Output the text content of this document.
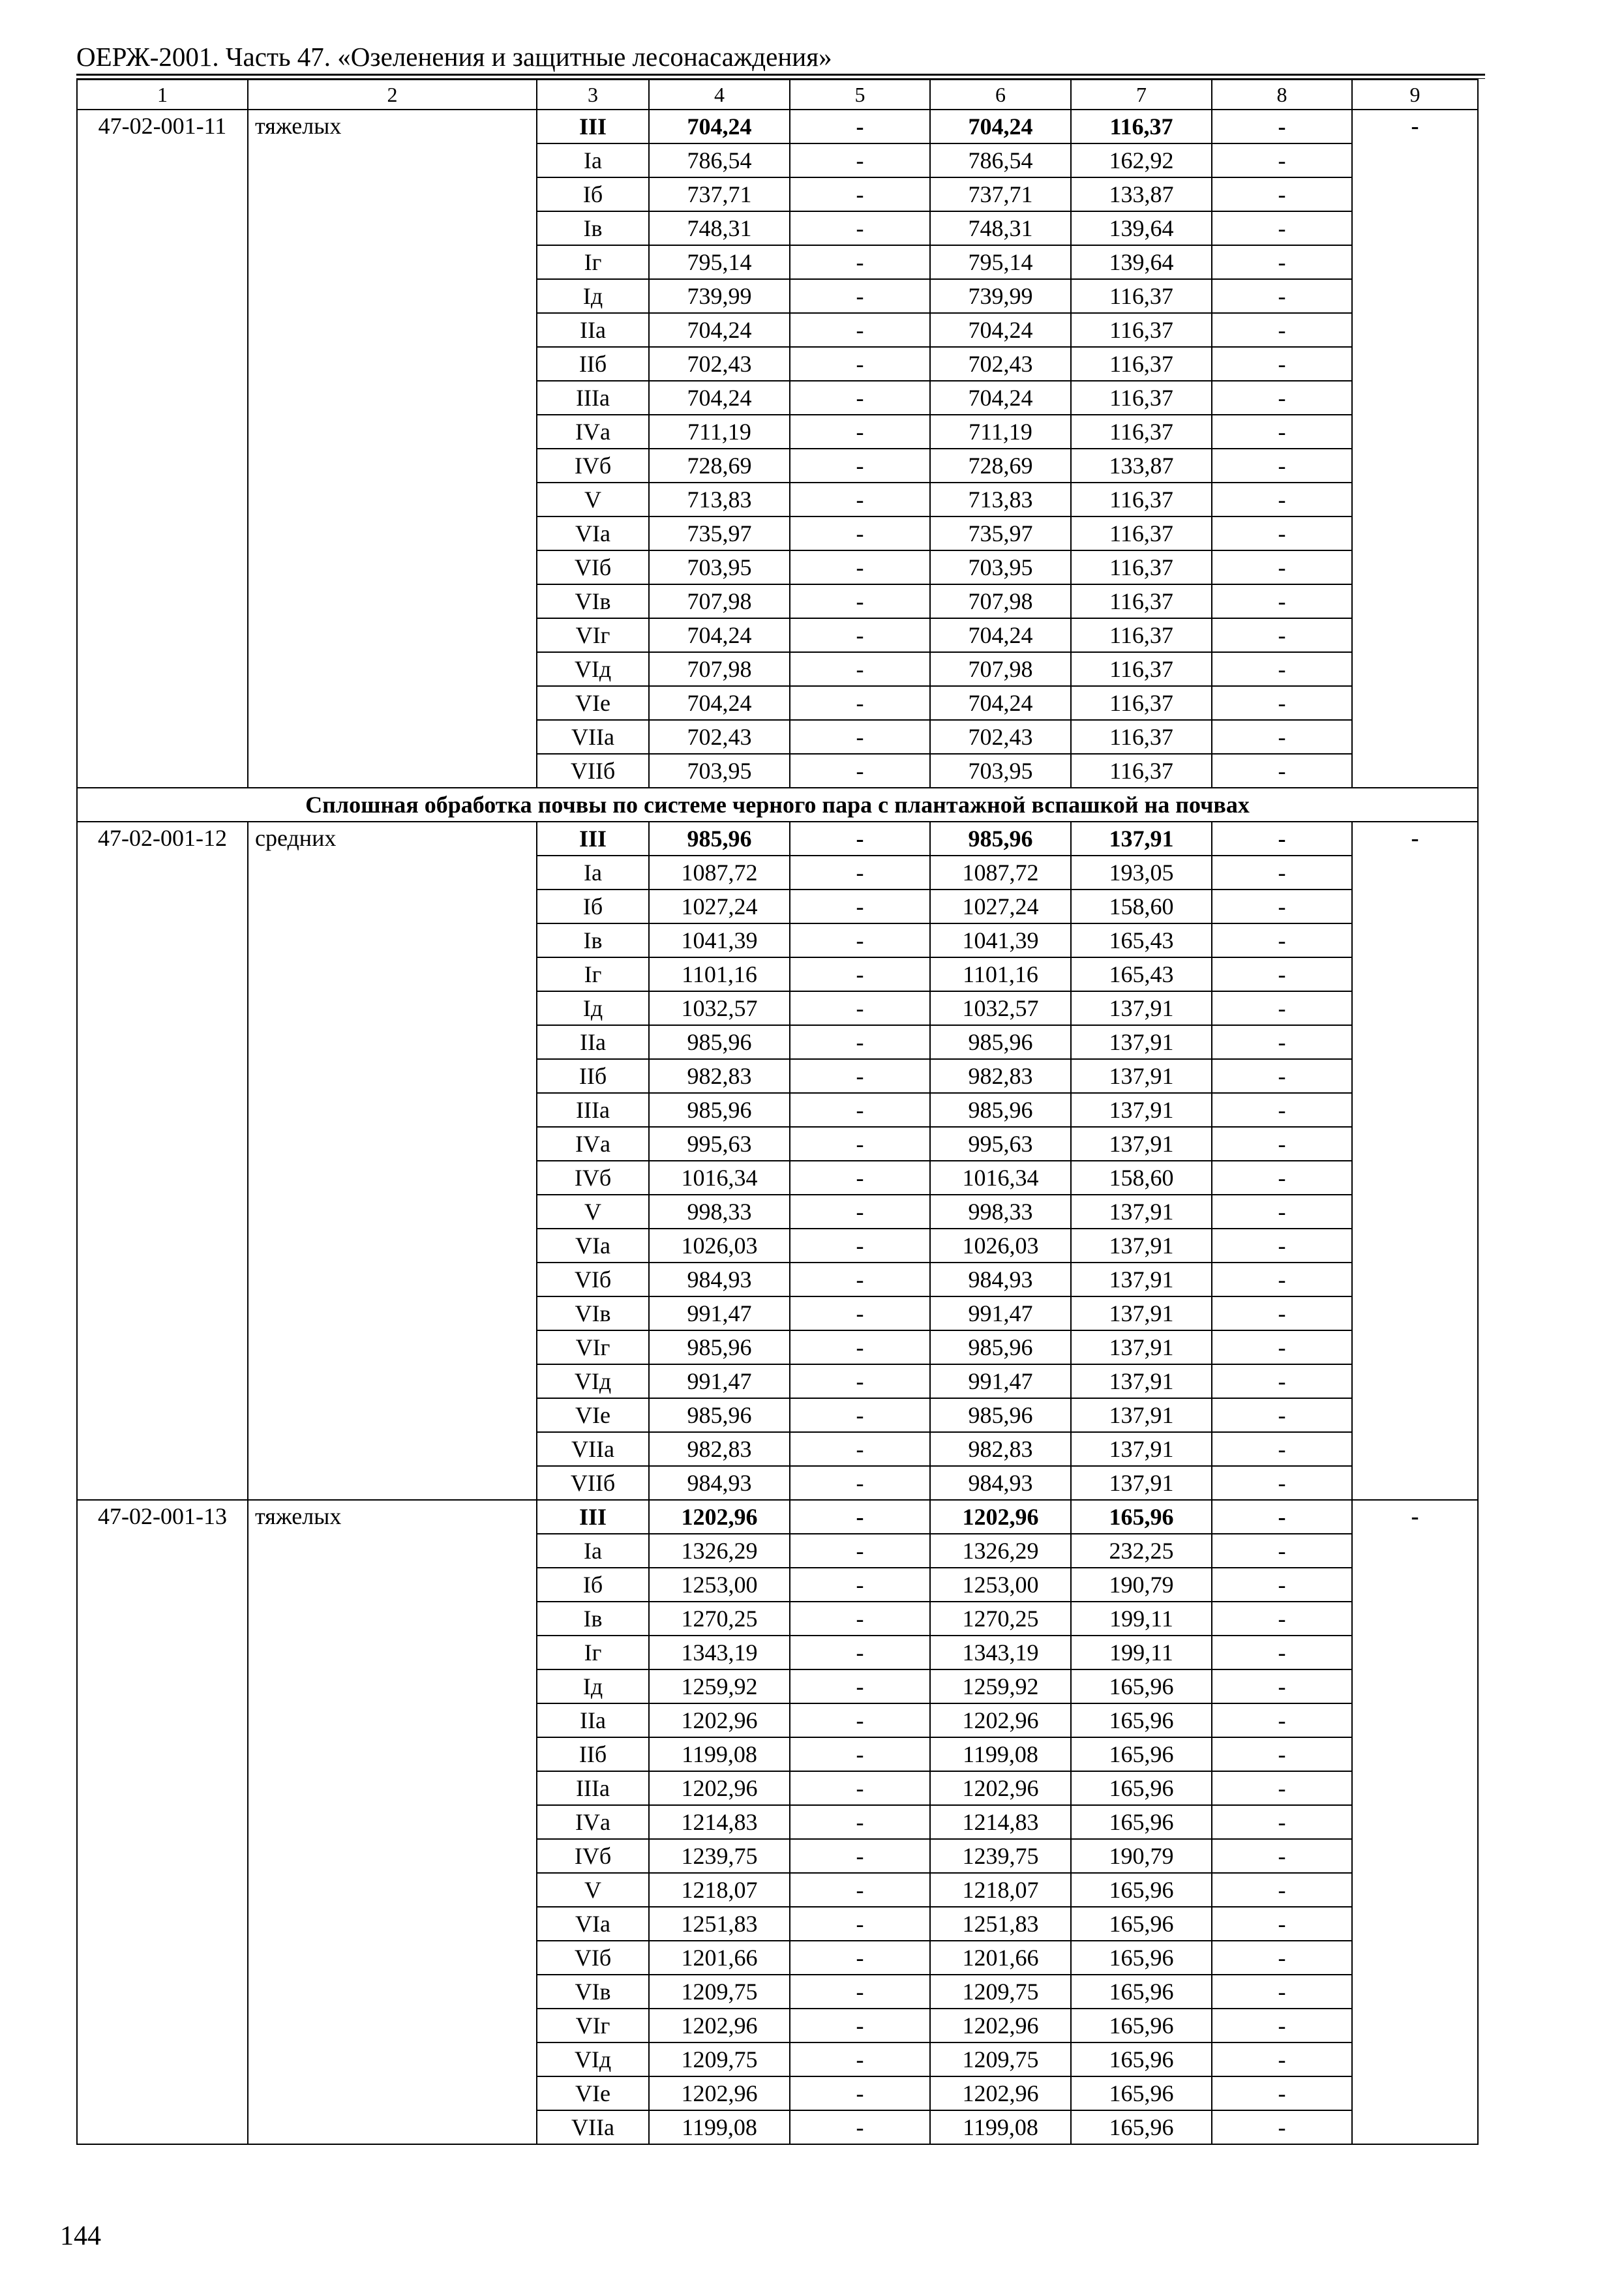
ОЕРЖ-2001. Часть 47. «Озеленения и защитные лесонасаждения»
1	2	3	4	5	6	7	8	9
47-02-001-11	тяжелых	III	704,24	-	704,24	116,37	-	-
		Iа	786,54	-	786,54	162,92	-	
		Iб	737,71	-	737,71	133,87	-	
		Iв	748,31	-	748,31	139,64	-	
		Iг	795,14	-	795,14	139,64	-	
		Iд	739,99	-	739,99	116,37	-	
		IIа	704,24	-	704,24	116,37	-	
		IIб	702,43	-	702,43	116,37	-	
		IIIа	704,24	-	704,24	116,37	-	
		IVа	711,19	-	711,19	116,37	-	
		IVб	728,69	-	728,69	133,87	-	
		V	713,83	-	713,83	116,37	-	
		VIа	735,97	-	735,97	116,37	-	
		VIб	703,95	-	703,95	116,37	-	
		VIв	707,98	-	707,98	116,37	-	
		VIг	704,24	-	704,24	116,37	-	
		VIд	707,98	-	707,98	116,37	-	
		VIе	704,24	-	704,24	116,37	-	
		VIIа	702,43	-	702,43	116,37	-	
		VIIб	703,95	-	703,95	116,37	-	
Сплошная обработка почвы по системе черного пара с плантажной вспашкой на почвах								
47-02-001-12	средних	III	985,96	-	985,96	137,91	-	-
		Iа	1087,72	-	1087,72	193,05	-	
		Iб	1027,24	-	1027,24	158,60	-	
		Iв	1041,39	-	1041,39	165,43	-	
		Iг	1101,16	-	1101,16	165,43	-	
		Iд	1032,57	-	1032,57	137,91	-	
		IIа	985,96	-	985,96	137,91	-	
		IIб	982,83	-	982,83	137,91	-	
		IIIа	985,96	-	985,96	137,91	-	
		IVа	995,63	-	995,63	137,91	-	
		IVб	1016,34	-	1016,34	158,60	-	
		V	998,33	-	998,33	137,91	-	
		VIа	1026,03	-	1026,03	137,91	-	
		VIб	984,93	-	984,93	137,91	-	
		VIв	991,47	-	991,47	137,91	-	
		VIг	985,96	-	985,96	137,91	-	
		VIд	991,47	-	991,47	137,91	-	
		VIе	985,96	-	985,96	137,91	-	
		VIIа	982,83	-	982,83	137,91	-	
		VIIб	984,93	-	984,93	137,91	-	
47-02-001-13	тяжелых	III	1202,96	-	1202,96	165,96	-	-
		Iа	1326,29	-	1326,29	232,25	-	
		Iб	1253,00	-	1253,00	190,79	-	
		Iв	1270,25	-	1270,25	199,11	-	
		Iг	1343,19	-	1343,19	199,11	-	
		Iд	1259,92	-	1259,92	165,96	-	
		IIа	1202,96	-	1202,96	165,96	-	
		IIб	1199,08	-	1199,08	165,96	-	
		IIIа	1202,96	-	1202,96	165,96	-	
		IVа	1214,83	-	1214,83	165,96	-	
		IVб	1239,75	-	1239,75	190,79	-	
		V	1218,07	-	1218,07	165,96	-	
		VIа	1251,83	-	1251,83	165,96	-	
		VIб	1201,66	-	1201,66	165,96	-	
		VIв	1209,75	-	1209,75	165,96	-	
		VIг	1202,96	-	1202,96	165,96	-	
		VIд	1209,75	-	1209,75	165,96	-	
		VIе	1202,96	-	1202,96	165,96	-	
		VIIа	1199,08	-	1199,08	165,96	-	
144
